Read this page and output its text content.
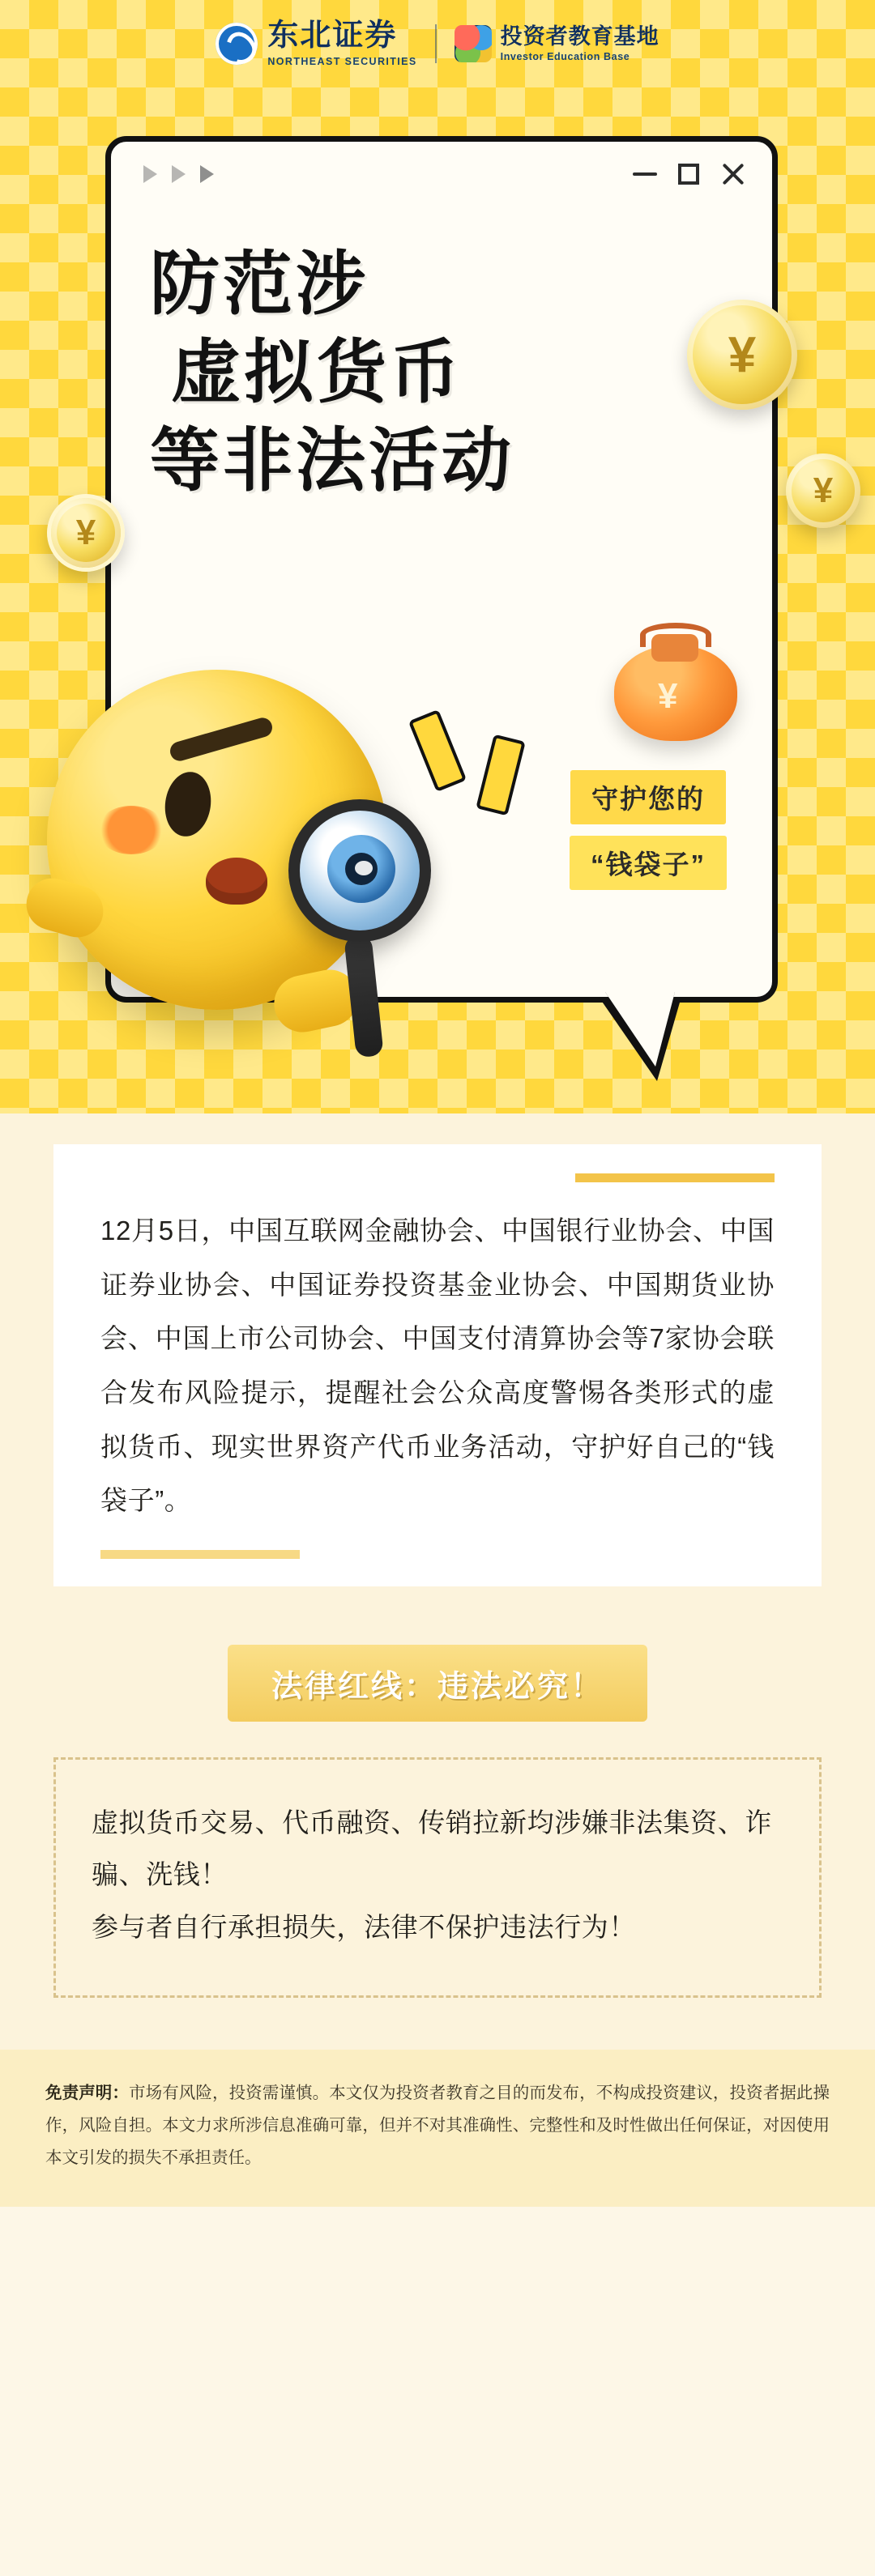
东北证券
NORTHEAST SECURITIES
投资者教育基地
Investor Education Base
¥
¥
¥
防范涉
虚拟货币
等非法活动
守护您的
“钱袋子”
¥
12月5日，中国互联网金融协会、中国银行业协会、中国证券业协会、中国证券投资基金业协会、中国期货业协会、中国上市公司协会、中国支付清算协会等7家协会联合发布风险提示，提醒社会公众高度警惕各类形式的虚拟货币、现实世界资产代币业务活动，守护好自己的“钱袋子”。
法律红线：违法必究！

虚拟货币交易、代币融资、传销拉新均涉嫌非法集资、诈骗、洗钱！

参与者自行承担损失，法律不保护违法行为！

免责声明：市场有风险，投资需谨慎。本文仅为投资者教育之目的而发布，不构成投资建议，投资者据此操作，风险自担。本文力求所涉信息准确可靠，但并不对其准确性、完整性和及时性做出任何保证，对因使用本文引发的损失不承担责任。
